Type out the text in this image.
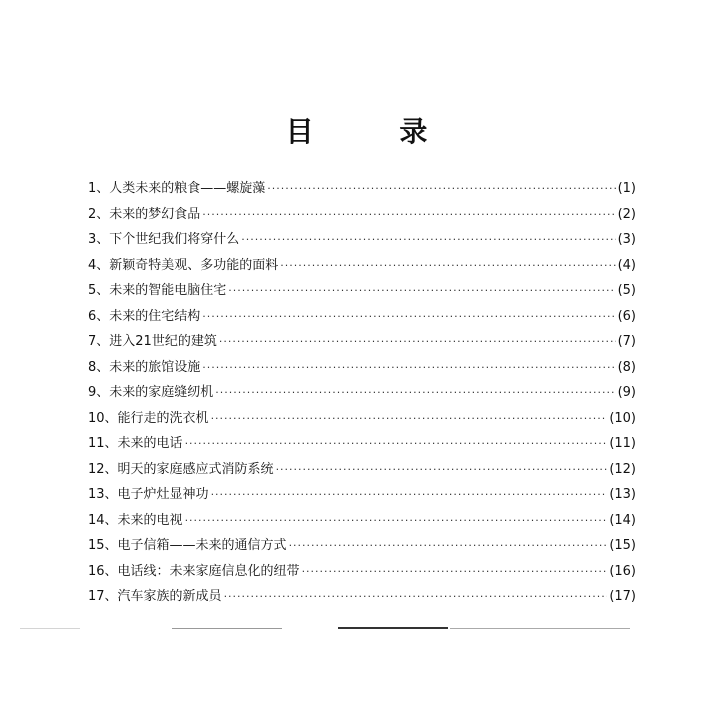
目 录
1、 人类未来的粮食——螺旋藻 ·····	(1)
2、 未来的梦幻食品 ·····	(2)
3、 下个世纪我们将穿什么 ·····	(3)
4、 新颖奇特美观、多功能的面料 ·····	(4)
5、 未来的智能电脑住宅 ·····	(5)
6、 未来的住宅结构 ·····	(6)
7、 进入21世纪的建筑 ·····	(7)
8、 未来的旅馆设施 ·····	(8)
9、 未来的家庭缝纫机 ·····	(9)
10、 能行走的洗衣机 ·····	(10)
11、 未来的电话 ·····	(11)
12、 明天的家庭感应式消防系统 ·····	(12)
13、 电子炉灶显神功 ·····	(13)
14、 未来的电视 ·····	(14)
15、 电子信箱——未来的通信方式 ·····	(15)
16、 电话线：未来家庭信息化的纽带 ·····	(16)
17、 汽车家族的新成员 ·····	(17)
